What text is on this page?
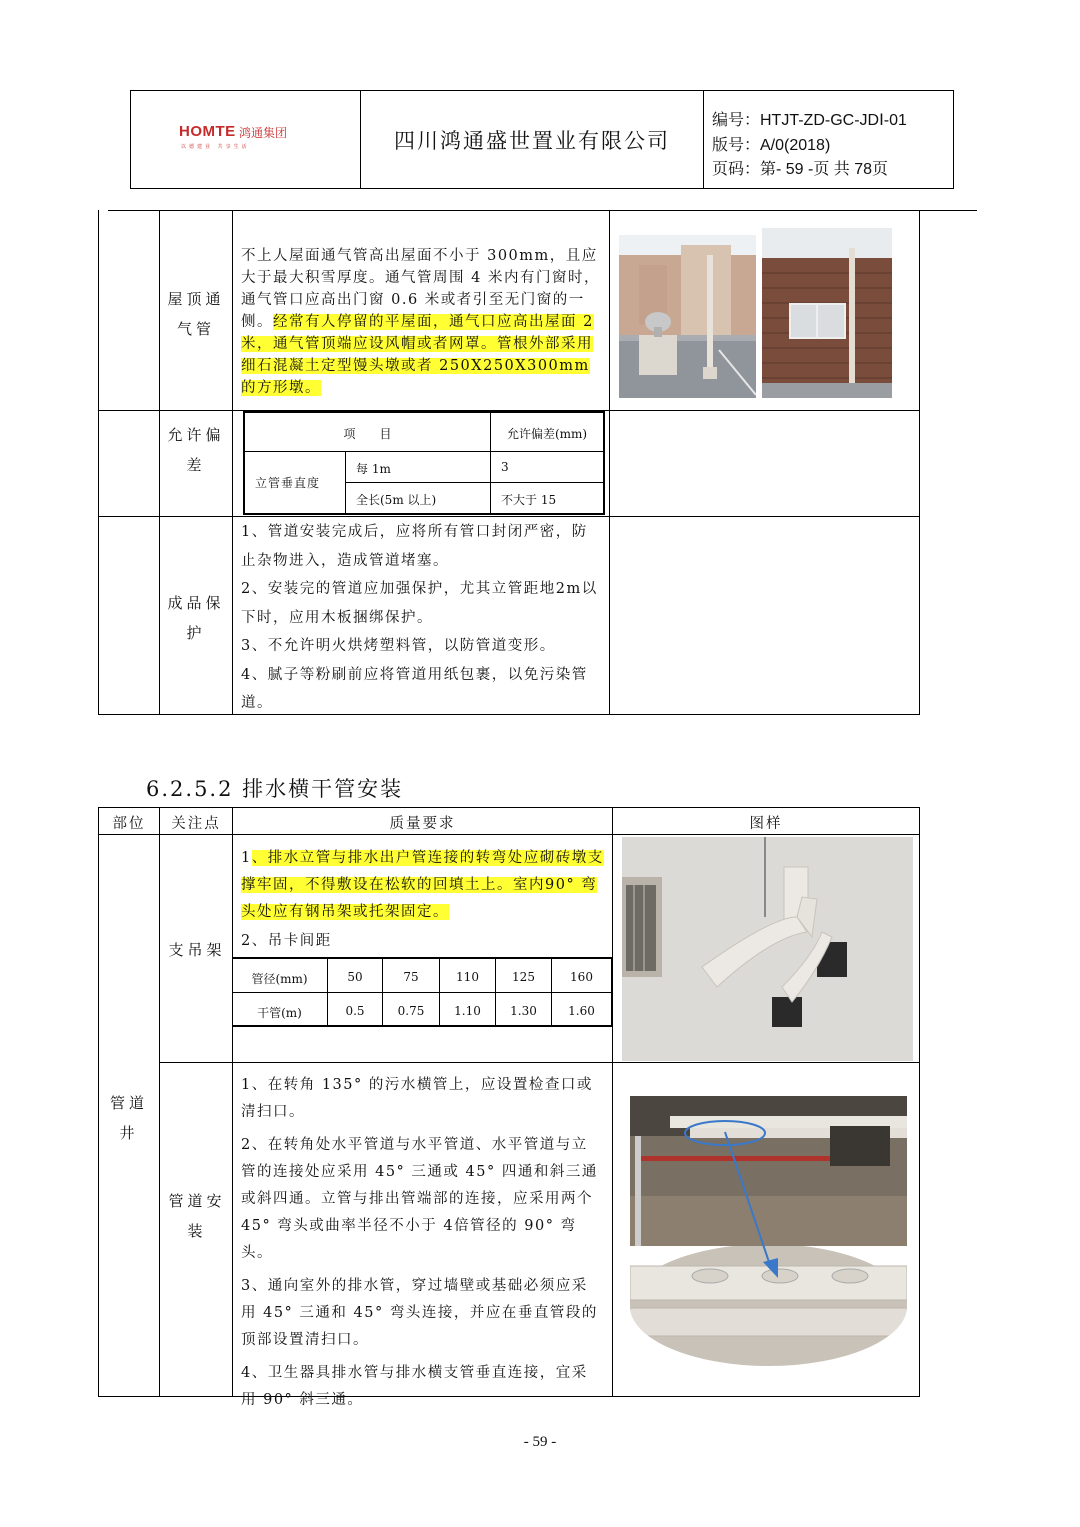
HOMTE 鸿通集团
以德建业 共享生活	四川鸿通盛世置业有限公司
编号：HTJT-ZD-GC-JDⅠ-01
版号：A/0(2018)
页码：第- 59 -页 共 78页
屋顶通气管
不上人屋面通气管高出屋面不小于 300mm，且应大于最大积雪厚度。通气管周围 4 米内有门窗时，通气管口应高出门窗 0.6 米或者引至无门窗的一侧。经常有人停留的平屋面，通气口应高出屋面 2 米，通气管顶端应设风帽或者网罩。管根外部采用细石混凝土定型馒头墩或者 250X250X300mm 的方形墩。
允许偏差
项　　目	允许偏差(mm)
立管垂直度
每 1m	3
全长(5m 以上)	不大于 15
成品保护
1、管道安装完成后，应将所有管口封闭严密，防止杂物进入，造成管道堵塞。
2、安装完的管道应加强保护，尤其立管距地2m以下时，应用木板捆绑保护。
3、不允许明火烘烤塑料管，以防管道变形。
4、腻子等粉刷前应将管道用纸包裹，以免污染管道。
6.2.5.2 排水横干管安装
部位	关注点	质量要求	图样
管道井
支吊架
1、排水立管与排水出户管连接的转弯处应砌砖墩支撑牢固，不得敷设在松软的回填土上。室内90° 弯头处应有钢吊架或托架固定。
2、吊卡间距
管径(mm)	50	75	110	125	160
干管(m)	0.5	0.75	1.10	1.30	1.60
管道安装
1、在转角 135° 的污水横管上，应设置检查口或清扫口。
2、在转角处水平管道与水平管道、水平管道与立管的连接处应采用 45° 三通或 45° 四通和斜三通或斜四通。立管与排出管端部的连接，应采用两个 45° 弯头或曲率半径不小于 4倍管径的 90° 弯头。
3、通向室外的排水管，穿过墙壁或基础必须应采用 45° 三通和 45° 弯头连接，并应在垂直管段的顶部设置清扫口。
4、卫生器具排水管与排水横支管垂直连接，宜采用 90° 斜三通。
- 59 -
